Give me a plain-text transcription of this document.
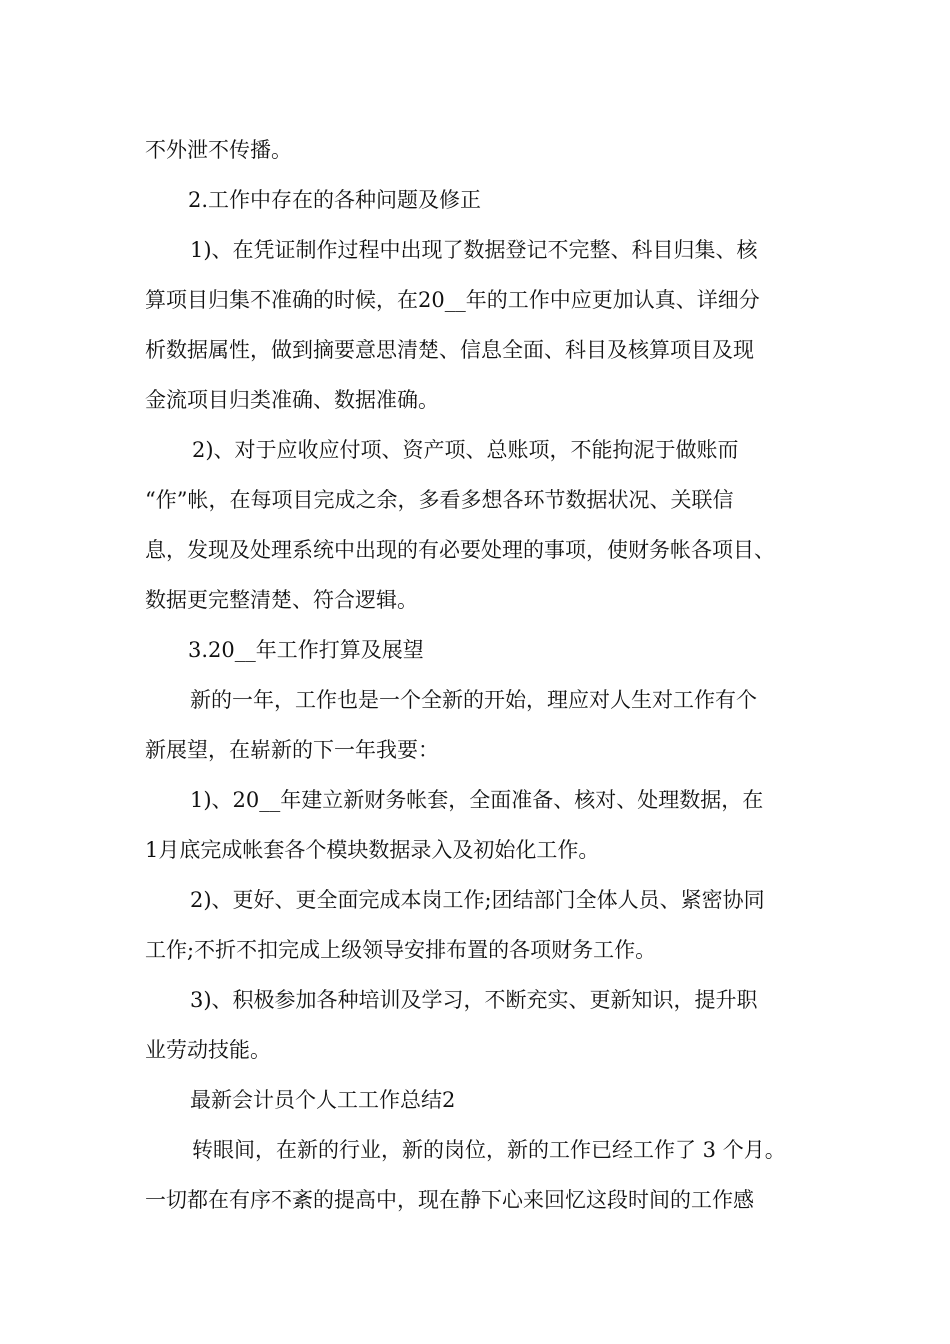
不外泄不传播。
2.工作中存在的各种问题及修正
1)、在凭证制作过程中出现了数据登记不完整、科目归集、核
算项目归集不准确的时候，在20__年的工作中应更加认真、详细分
析数据属性，做到摘要意思清楚、信息全面、科目及核算项目及现
金流项目归类准确、数据准确。
2)、对于应收应付项、资产项、总账项，不能拘泥于做账而
“作”帐，在每项目完成之余，多看多想各环节数据状况、关联信
息，发现及处理系统中出现的有必要处理的事项，使财务帐各项目、
数据更完整清楚、符合逻辑。
3.20__年工作打算及展望
新的一年，工作也是一个全新的开始，理应对人生对工作有个
新展望，在崭新的下一年我要：
1)、20__年建立新财务帐套，全面准备、核对、处理数据，在
1月底完成帐套各个模块数据录入及初始化工作。
2)、更好、更全面完成本岗工作;团结部门全体人员、紧密协同
工作;不折不扣完成上级领导安排布置的各项财务工作。
3)、积极参加各种培训及学习，不断充实、更新知识，提升职
业劳动技能。
最新会计员个人工工作总结2
转眼间，在新的行业，新的岗位，新的工作已经工作了 3 个月。
一切都在有序不紊的提高中，现在静下心来回忆这段时间的工作感
